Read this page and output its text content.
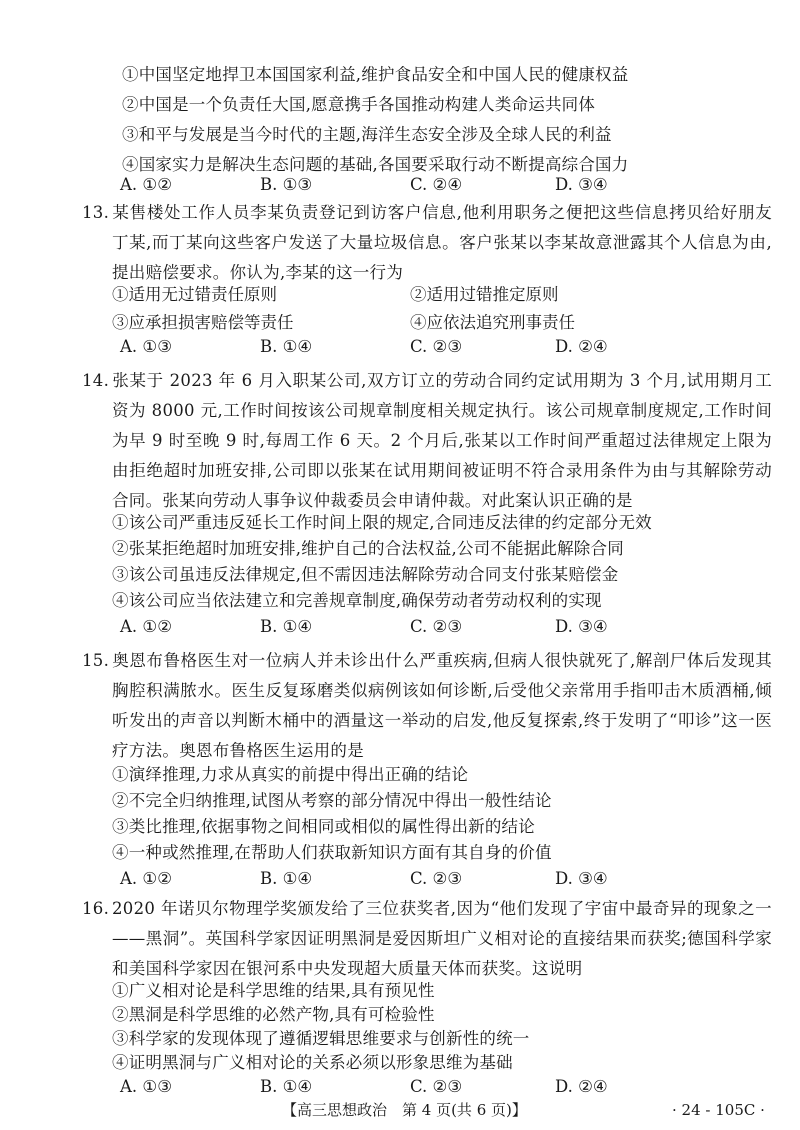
①中国坚定地捍卫本国国家利益,维护食品安全和中国人民的健康权益
②中国是一个负责任大国,愿意携手各国推动构建人类命运共同体
③和平与发展是当今时代的主题,海洋生态安全涉及全球人民的利益
④国家实力是解决生态问题的基础,各国要采取行动不断提高综合国力
A. ①②	B. ①③	C. ②④	D. ③④
13. 某售楼处工作人员李某负责登记到访客户信息,他利用职务之便把这些信息拷贝给好朋友丁某,而丁某向这些客户发送了大量垃圾信息。客户张某以李某故意泄露其个人信息为由,提出赔偿要求。你认为,李某的这一行为
①适用无过错责任原则	②适用过错推定原则
③应承担损害赔偿等责任	④应依法追究刑事责任
A. ①③	B. ①④	C. ②③	D. ②④
14. 张某于 2023 年 6 月入职某公司,双方订立的劳动合同约定试用期为 3 个月,试用期月工资为 8000 元,工作时间按该公司规章制度相关规定执行。该公司规章制度规定,工作时间为早 9 时至晚 9 时,每周工作 6 天。2 个月后,张某以工作时间严重超过法律规定上限为由拒绝超时加班安排,公司即以张某在试用期间被证明不符合录用条件为由与其解除劳动合同。张某向劳动人事争议仲裁委员会申请仲裁。对此案认识正确的是
①该公司严重违反延长工作时间上限的规定,合同违反法律的约定部分无效
②张某拒绝超时加班安排,维护自己的合法权益,公司不能据此解除合同
③该公司虽违反法律规定,但不需因违法解除劳动合同支付张某赔偿金
④该公司应当依法建立和完善规章制度,确保劳动者劳动权利的实现
A. ①②	B. ①④	C. ②③	D. ③④
15. 奥恩布鲁格医生对一位病人并未诊出什么严重疾病,但病人很快就死了,解剖尸体后发现其胸腔积满脓水。医生反复琢磨类似病例该如何诊断,后受他父亲常用手指叩击木质酒桶,倾听发出的声音以判断木桶中的酒量这一举动的启发,他反复探索,终于发明了“叩诊”这一医疗方法。奥恩布鲁格医生运用的是
①演绎推理,力求从真实的前提中得出正确的结论
②不完全归纳推理,试图从考察的部分情况中得出一般性结论
③类比推理,依据事物之间相同或相似的属性得出新的结论
④一种或然推理,在帮助人们获取新知识方面有其自身的价值
A. ①②	B. ①④	C. ②③	D. ③④
16. 2020 年诺贝尔物理学奖颁发给了三位获奖者,因为“他们发现了宇宙中最奇异的现象之一——黑洞”。英国科学家因证明黑洞是爱因斯坦广义相对论的直接结果而获奖;德国科学家和美国科学家因在银河系中央发现超大质量天体而获奖。这说明
①广义相对论是科学思维的结果,具有预见性
②黑洞是科学思维的必然产物,具有可检验性
③科学家的发现体现了遵循逻辑思维要求与创新性的统一
④证明黑洞与广义相对论的关系必须以形象思维为基础
【高三思想政治　第 4 页(共 6 页)】	· 24 - 105C ·
A. ①③	B. ①④	C. ②③	D. ②④
